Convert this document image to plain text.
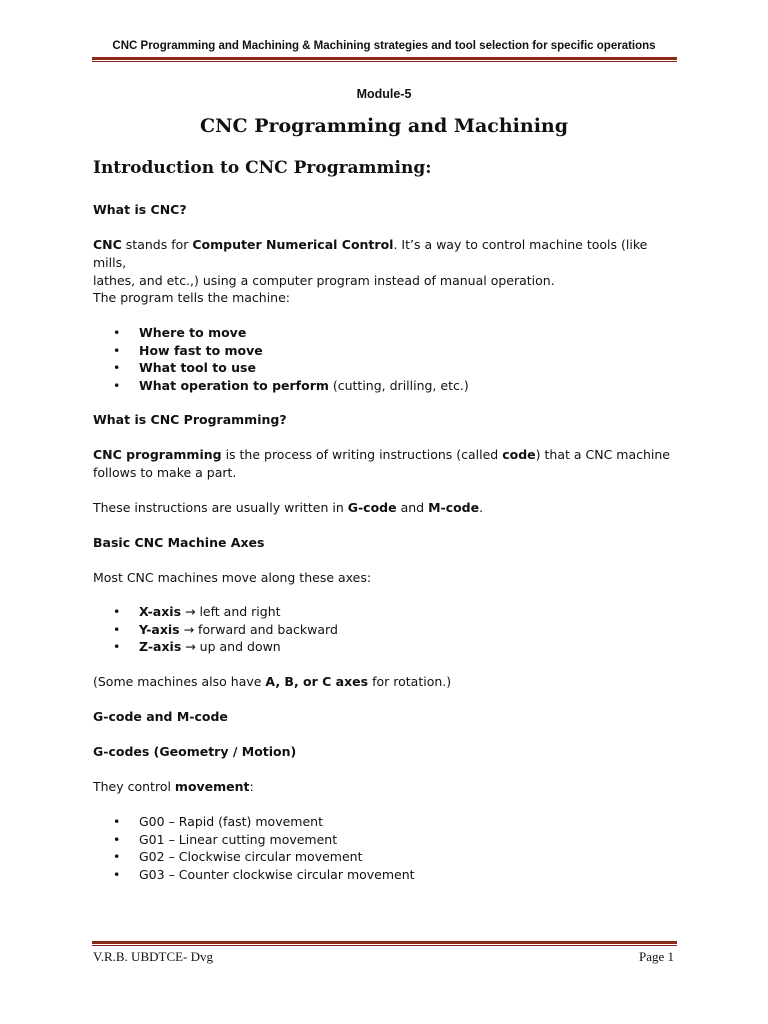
CNC Programming and Machining & Machining strategies and tool selection for specific operations
Module-5
CNC Programming and Machining
Introduction to CNC Programming:
What is CNC?
CNC stands for Computer Numerical Control. It’s a way to control machine tools (like mills,
lathes, and etc.,) using a computer program instead of manual operation.
The program tells the machine:
• Where to move
• How fast to move
• What tool to use
• What operation to perform (cutting, drilling, etc.)
What is CNC Programming?
CNC programming is the process of writing instructions (called code) that a CNC machine
follows to make a part.
These instructions are usually written in G-code and M-code.
Basic CNC Machine Axes
Most CNC machines move along these axes:
• X-axis → left and right
• Y-axis → forward and backward
• Z-axis → up and down
(Some machines also have A, B, or C axes for rotation.)
G-code and M-code
G-codes (Geometry / Motion)
They control movement:
• G00 – Rapid (fast) movement
• G01 – Linear cutting movement
• G02 – Clockwise circular movement
• G03 – Counter clockwise circular movement
V.R.B. UBDTCE- Dvg	Page 1
